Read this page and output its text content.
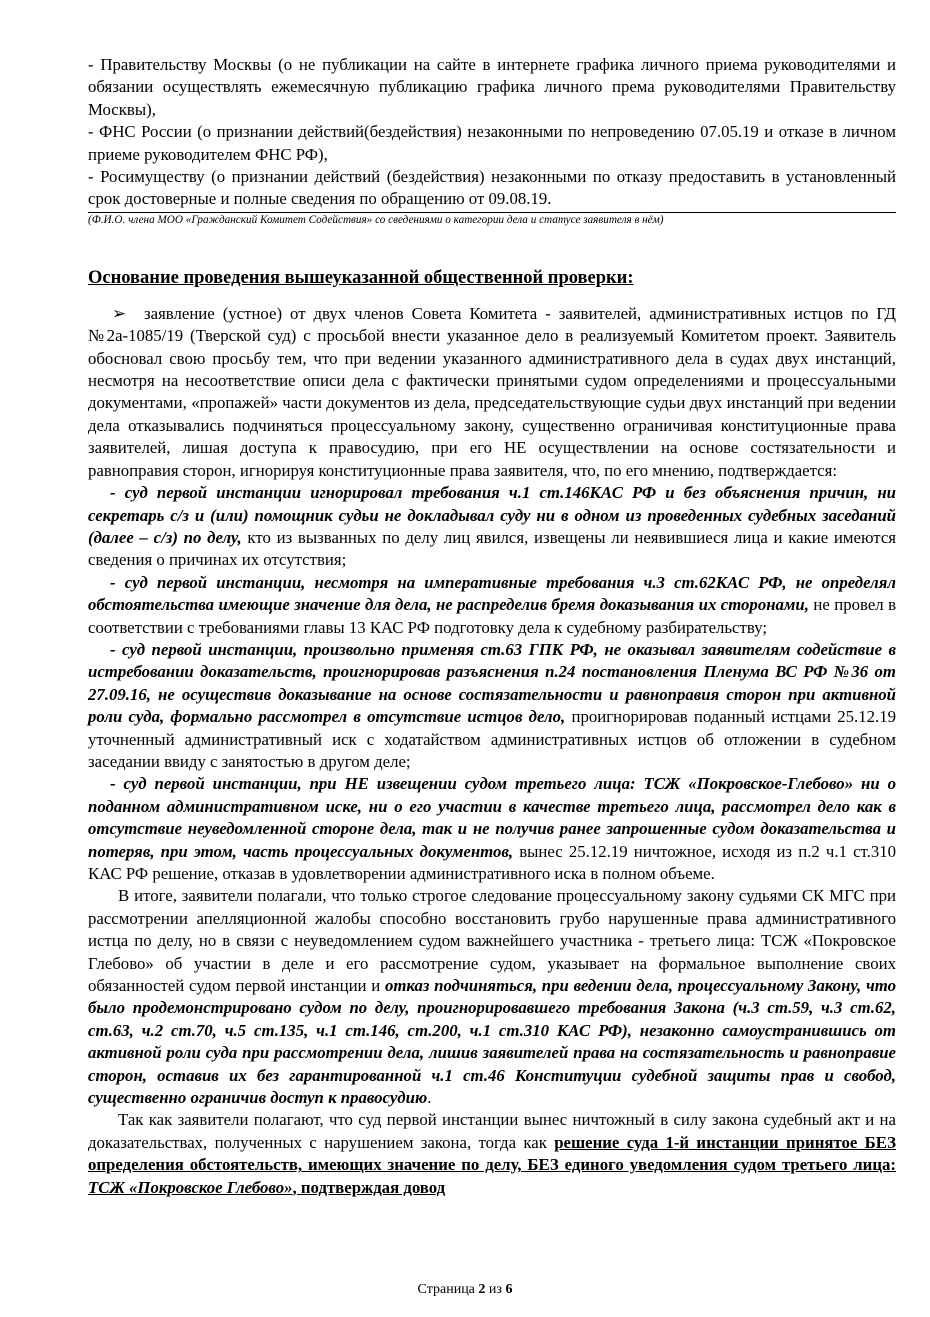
- Правительству Москвы (о не публикации на сайте в интернете графика личного приема руководителями и обязании осуществлять ежемесячную публикацию графика личного према руководителями Правительству Москвы),

- ФНС России (о признании действий(бездействия) незаконными по непроведению 07.05.19 и отказе в личном приеме руководителем ФНС РФ),

- Росимуществу (о признании действий (бездействия) незаконными по отказу предоставить в установленный срок достоверные и полные сведения по обращению от 09.08.19.

(Ф.И.О. члена МОО «Гражданский Комитет Содействия» со сведениями о категории дела и статусе заявителя в нём)
Основание проведения вышеуказанной общественной проверки:

➢ заявление (устное) от двух членов Совета Комитета - заявителей, административных истцов по ГД №2а-1085/19 (Тверской суд) с просьбой внести указанное дело в реализуемый Комитетом проект. Заявитель обосновал свою просьбу тем, что при ведении указанного административного дела в судах двух инстанций, несмотря на несоответствие описи дела с фактически принятыми судом определениями и процессуальными документами, «пропажей» части документов из дела, председательствующие судьи двух инстанций при ведении дела отказывались подчиняться процессуальному закону, существенно ограничивая конституционные права заявителей, лишая доступа к правосудию, при его НЕ осуществлении на основе состязательности и равноправия сторон, игнорируя конституционные права заявителя, что, по его мнению, подтверждается:

- суд первой инстанции игнорировал требования ч.1 ст.146КАС РФ и без объяснения причин, ни секретарь с/з и (или) помощник судьи не докладывал суду ни в одном из проведенных судебных заседаний (далее – с/з) по делу, кто из вызванных по делу лиц явился, извещены ли неявившиеся лица и какие имеются сведения о причинах их отсутствия;

- суд первой инстанции, несмотря на императивные требования ч.3 ст.62КАС РФ, не определял обстоятельства имеющие значение для дела, не распределив бремя доказывания их сторонами, не провел в соответствии с требованиями главы 13 КАС РФ подготовку дела к судебному разбирательству;

- суд первой инстанции, произвольно применяя ст.63 ГПК РФ, не оказывал заявителям содействие в истребовании доказательств, проигнорировав разъяснения п.24 постановления Пленума ВС РФ №36 от 27.09.16, не осуществив доказывание на основе состязательности и равноправия сторон при активной роли суда, формально рассмотрел в отсутствие истцов дело, проигнорировав поданный истцами 25.12.19 уточненный административный иск с ходатайством административных истцов об отложении в судебном заседании ввиду с занятостью в другом деле;

- суд первой инстанции, при НЕ извещении судом третьего лица: ТСЖ «Покровское-Глебово» ни о поданном административном иске, ни о его участии в качестве третьего лица, рассмотрел дело как в отсутствие неуведомленной стороне дела, так и не получив ранее запрошенные судом доказательства и потеряв, при этом, часть процессуальных документов, вынес 25.12.19 ничтожное, исходя из п.2 ч.1 ст.310 КАС РФ решение, отказав в удовлетворении административного иска в полном объеме.

В итоге, заявители полагали, что только строгое следование процессуальному закону судьями СК МГС при рассмотрении апелляционной жалобы способно восстановить грубо нарушенные права административного истца по делу, но в связи с неуведомлением судом важнейшего участника - третьего лица: ТСЖ «Покровское Глебово» об участии в деле и его рассмотрение судом, указывает на формальное выполнение своих обязанностей судом первой инстанции и отказ подчиняться, при ведении дела, процессуальному Закону, что было продемонстрировано судом по делу, проигнорировавшего требования Закона (ч.3 ст.59, ч.3 ст.62, ст.63, ч.2 ст.70, ч.5 ст.135, ч.1 ст.146, ст.200, ч.1 ст.310 КАС РФ), незаконно самоустранившись от активной роли суда при рассмотрении дела, лишив заявителей права на состязательность и равноправие сторон, оставив их без гарантированной ч.1 ст.46 Конституции судебной защиты прав и свобод, существенно ограничив доступ к правосудию.

Так как заявители полагают, что суд первой инстанции вынес ничтожный в силу закона судебный акт и на доказательствах, полученных с нарушением закона, тогда как решение суда 1-й инстанции принятое БЕЗ определения обстоятельств, имеющих значение по делу, БЕЗ единого уведомления судом третьего лица: ТСЖ «Покровское Глебово», подтверждая довод

Страница 2 из 6
